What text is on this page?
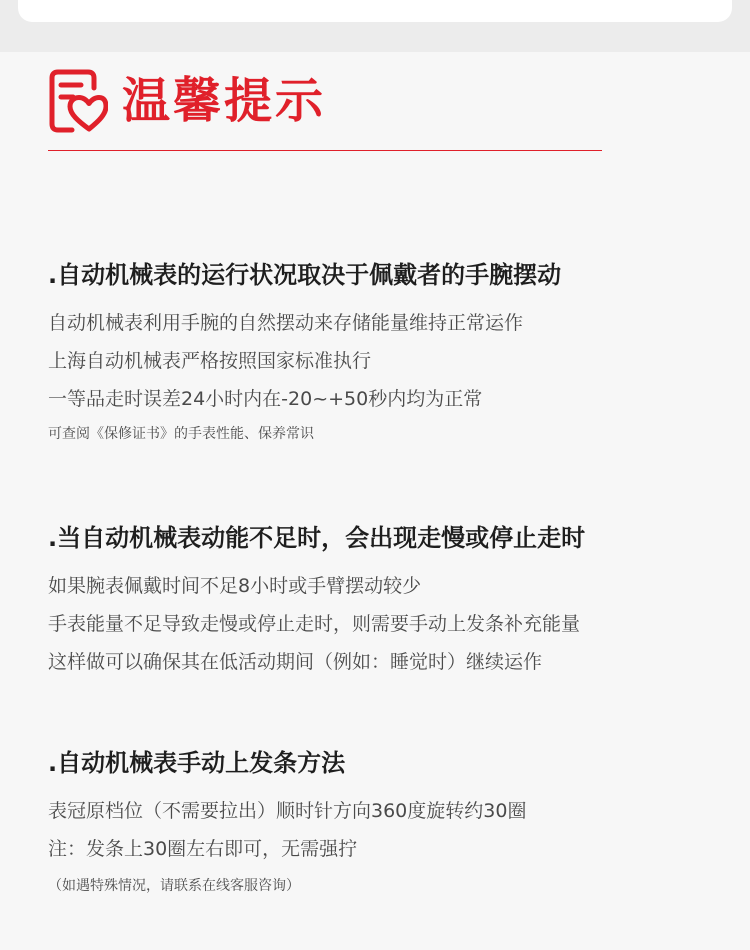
温馨提示
.自动机械表的运行状况取决于佩戴者的手腕摆动
自动机械表利用手腕的自然摆动来存储能量维持正常运作
上海自动机械表严格按照国家标准执行
一等品走时误差24小时内在-20~+50秒内均为正常
可查阅《保修证书》的手表性能、保养常识
.当自动机械表动能不足时，会出现走慢或停止走时
如果腕表佩戴时间不足8小时或手臂摆动较少
手表能量不足导致走慢或停止走时，则需要手动上发条补充能量
这样做可以确保其在低活动期间（例如：睡觉时）继续运作
.自动机械表手动上发条方法
表冠原档位（不需要拉出）顺时针方向360度旋转约30圈
注：发条上30圈左右即可，无需强拧
（如遇特殊情况，请联系在线客服咨询）
